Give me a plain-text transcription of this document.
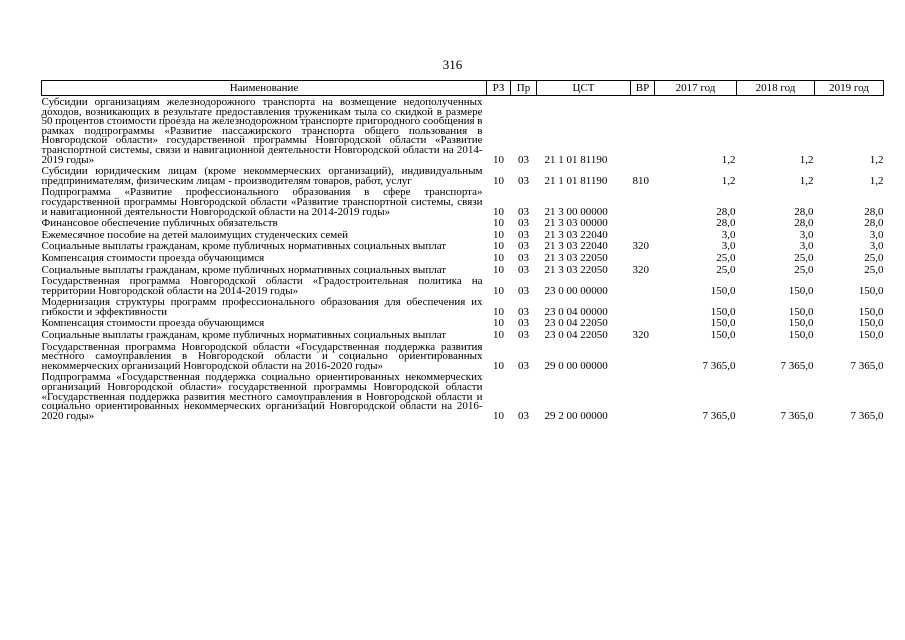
316
Наименование	РЗ	Пр	ЦСТ	ВР	2017 год	2018 год	2019 год
Субсидии организациям железнодорожного транспорта на возмещение недополученных доходов, возникающих в результате предоставления труженикам тыла со скидкой в размере 50 процентов стоимости проезда на железнодорожном транспорте пригородного сообщения в рамках подпрограммы «Развитие пассажирского транспорта общего пользования в Новгородской области» государственной программы Новгородской области «Развитие транспортной системы, связи и навигационной деятельности Новгородской области на 2014-2019 годы»	10	03	21 1 01 81190		1,2	1,2	1,2
Субсидии юридическим лицам (кроме некоммерческих организаций), индивидуальным предпринимателям, физическим лицам - производителям товаров, работ, услуг	10	03	21 1 01 81190	810	1,2	1,2	1,2
Подпрограмма «Развитие профессионального образования в сфере транспорта» государственной программы Новгородской области «Развитие транспортной системы, связи и навигационной деятельности Новгородской области на 2014-2019 годы»	10	03	21 3 00 00000		28,0	28,0	28,0
Финансовое обеспечение публичных обязательств	10	03	21 3 03 00000		28,0	28,0	28,0
Ежемесячное пособие на детей малоимущих студенческих семей	10	03	21 3 03 22040		3,0	3,0	3,0
Социальные выплаты гражданам, кроме публичных нормативных социальных выплат	10	03	21 3 03 22040	320	3,0	3,0	3,0
Компенсация стоимости проезда обучающимся	10	03	21 3 03 22050		25,0	25,0	25,0
Социальные выплаты гражданам, кроме публичных нормативных социальных выплат	10	03	21 3 03 22050	320	25,0	25,0	25,0
Государственная программа Новгородской области «Градостроительная политика на территории Новгородской области на 2014-2019 годы»	10	03	23 0 00 00000		150,0	150,0	150,0
Модернизация структуры программ профессионального образования для обеспечения их гибкости и эффективности	10	03	23 0 04 00000		150,0	150,0	150,0
Компенсация стоимости проезда обучающимся	10	03	23 0 04 22050		150,0	150,0	150,0
Социальные выплаты гражданам, кроме публичных нормативных социальных выплат	10	03	23 0 04 22050	320	150,0	150,0	150,0
Государственная программа Новгородской области «Государственная поддержка развития местного самоуправления в Новгородской области и социально ориентированных некоммерческих организаций Новгородской области на 2016-2020 годы»	10	03	29 0 00 00000		7 365,0	7 365,0	7 365,0
Подпрограмма «Государственная поддержка социально ориентированных некоммерческих организаций Новгородской области» государственной программы Новгородской области «Государственная поддержка развития местного самоуправления в Новгородской области и социально ориентированных некоммерческих организаций Новгородской области на 2016-2020 годы»	10	03	29 2 00 00000		7 365,0	7 365,0	7 365,0
